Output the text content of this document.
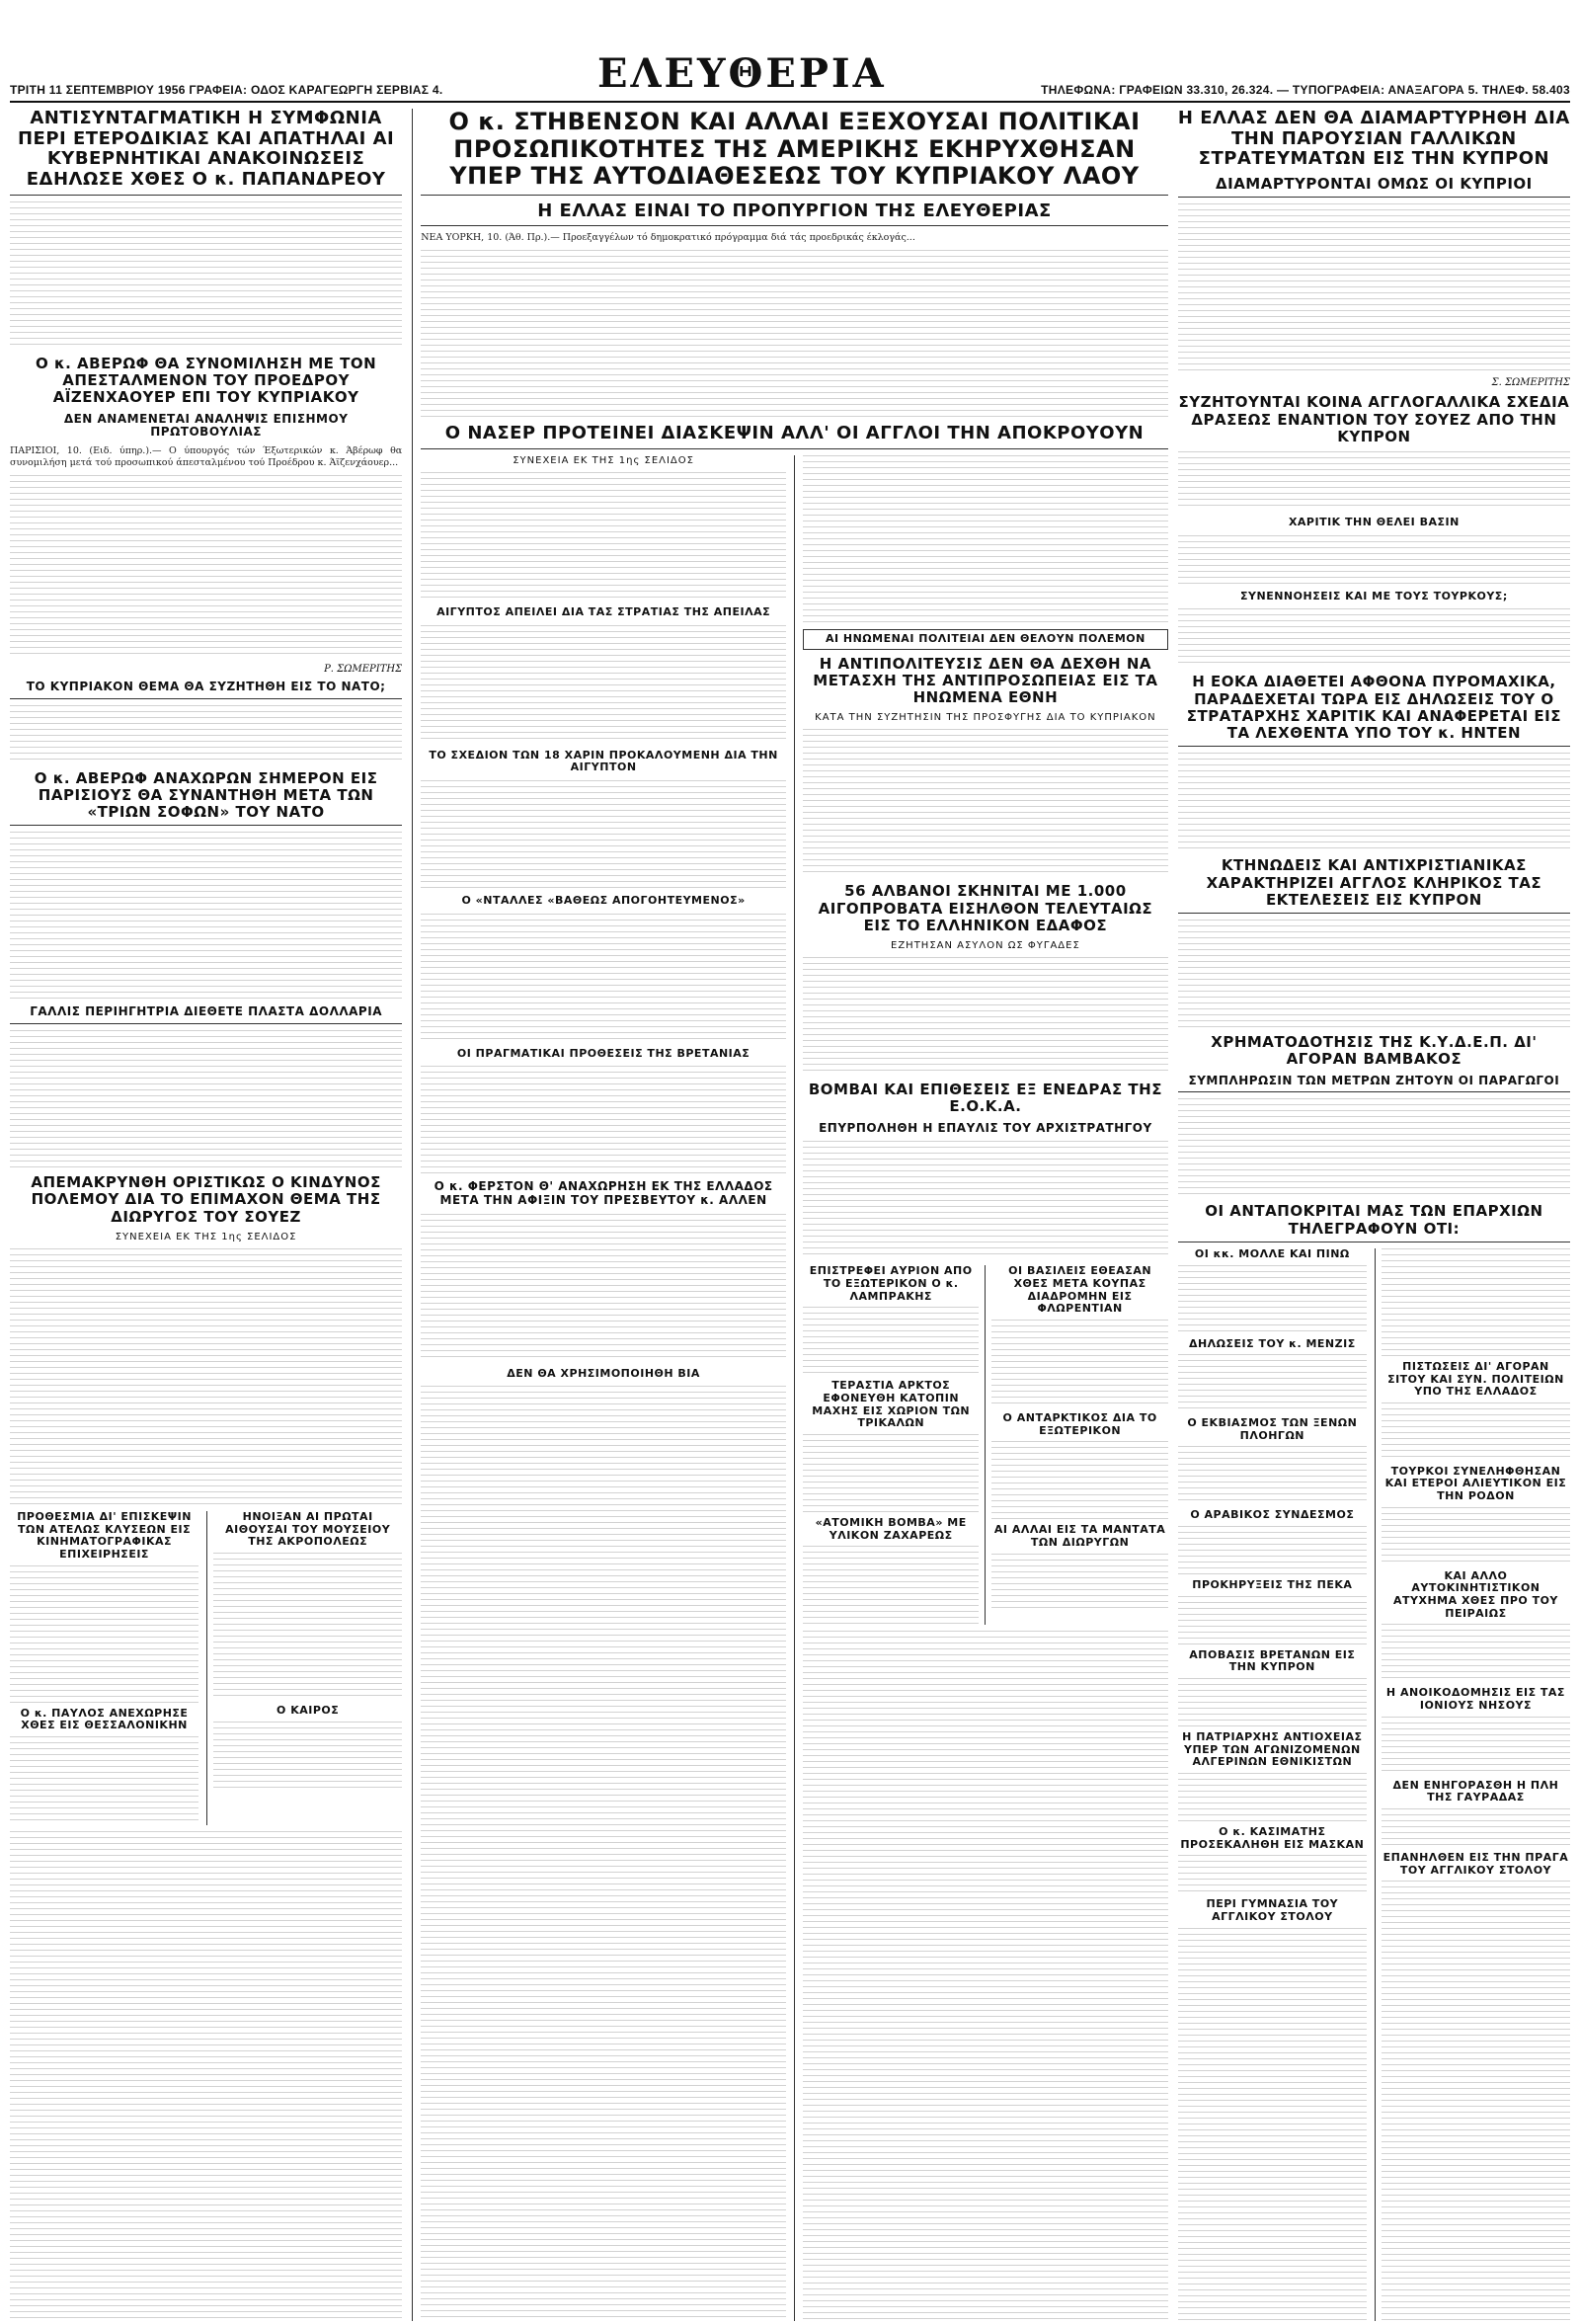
ΤΡΙΤΗ 11 ΣΕΠΤΕΜΒΡΙΟΥ 1956 ΓΡΑΦΕΙΑ: ΟΔΟΣ ΚΑΡΑΓΕΩΡΓΗ ΣΕΡΒΙΑΣ 4.	ΕΛΕΥΘΕΡΙΑ	ΤΗΛΕΦΩΝΑ: ΓΡΑΦΕΙΩΝ 33.310, 26.324. — ΤΥΠΟΓΡΑΦΕΙΑ: ΑΝΑΞΑΓΟΡΑ 5. ΤΗΛΕΦ. 58.403
ΑΝΤΙΣΥΝΤΑΓΜΑΤΙΚΗ Η ΣΥΜΦΩΝΙΑ ΠΕΡΙ ΕΤΕΡΟΔΙΚΙΑΣ ΚΑΙ ΑΠΑΤΗΛΑΙ ΑΙ ΚΥΒΕΡΝΗΤΙΚΑΙ ΑΝΑΚΟΙΝΩΣΕΙΣ ΕΔΗΛΩΣΕ ΧΘΕΣ Ο κ. ΠΑΠΑΝΔΡΕΟΥ
Ο κ. ΑΒΕΡΩΦ ΘΑ ΣΥΝΟΜΙΛΗΣΗ ΜΕ ΤΟΝ ΑΠΕΣΤΑΛΜΕΝΟΝ ΤΟΥ ΠΡΟΕΔΡΟΥ ΑΪΖΕΝΧΑΟΥΕΡ ΕΠΙ ΤΟΥ ΚΥΠΡΙΑΚΟΥ
ΔΕΝ ΑΝΑΜΕΝΕΤΑΙ ΑΝΑΛΗΨΙΣ ΕΠΙΣΗΜΟΥ ΠΡΩΤΟΒΟΥΛΙΑΣ
ΠΑΡΙΣΙΟΙ, 10. (Ειδ. ύπηρ.).— Ο ύπουργός τών Έξωτερικών κ. Άβέρωφ θα συνομιλήση μετά τού προσωπικού άπεσταλμένου τού Προέδρου κ. Άϊζενχάουερ...
Ρ. ΣΩΜΕΡΙΤΗΣ
ΤΟ ΚΥΠΡΙΑΚΟΝ ΘΕΜΑ ΘΑ ΣΥΖΗΤΗΘΗ ΕΙΣ ΤΟ ΝΑΤΟ;
Ο κ. ΑΒΕΡΩΦ ΑΝΑΧΩΡΩΝ ΣΗΜΕΡΟΝ ΕΙΣ ΠΑΡΙΣΙΟΥΣ ΘΑ ΣΥΝΑΝΤΗΘΗ ΜΕΤΑ ΤΩΝ «ΤΡΙΩΝ ΣΟΦΩΝ» ΤΟΥ ΝΑΤΟ
ΓΑΛΛΙΣ ΠΕΡΙΗΓΗΤΡΙΑ ΔΙΕΘΕΤΕ ΠΛΑΣΤΑ ΔΟΛΛΑΡΙΑ
ΑΠΕΜΑΚΡΥΝΘΗ ΟΡΙΣΤΙΚΩΣ Ο ΚΙΝΔΥΝΟΣ ΠΟΛΕΜΟΥ ΔΙΑ ΤΟ ΕΠΙΜΑΧΟΝ ΘΕΜΑ ΤΗΣ ΔΙΩΡΥΓΟΣ ΤΟΥ ΣΟΥΕΖ
ΣΥΝΕΧΕΙΑ ΕΚ ΤΗΣ 1ης ΣΕΛΙΔΟΣ
ΠΡΟΘΕΣΜΙΑ ΔΙ' ΕΠΙΣΚΕΨΙΝ ΤΩΝ ΑΤΕΛΩΣ ΚΛΥΣΕΩΝ ΕΙΣ ΚΙΝΗΜΑΤΟΓΡΑΦΙΚΑΣ ΕΠΙΧΕΙΡΗΣΕΙΣ
Ο κ. ΠΑΥΛΟΣ ΑΝΕΧΩΡΗΣΕ ΧΘΕΣ ΕΙΣ ΘΕΣΣΑΛΟΝΙΚΗΝ
ΗΝΟΙΞΑΝ ΑΙ ΠΡΩΤΑΙ ΑΙΘΟΥΣΑΙ ΤΟΥ ΜΟΥΣΕΙΟΥ ΤΗΣ ΑΚΡΟΠΟΛΕΩΣ
Ο ΚΑΙΡΟΣ
Ο κ. ΣΤΗΒΕΝΣΟΝ ΚΑΙ ΑΛΛΑΙ ΕΞΕΧΟΥΣΑΙ ΠΟΛΙΤΙΚΑΙ ΠΡΟΣΩΠΙΚΟΤΗΤΕΣ ΤΗΣ ΑΜΕΡΙΚΗΣ ΕΚΗΡΥΧΘΗΣΑΝ ΥΠΕΡ ΤΗΣ ΑΥΤΟΔΙΑΘΕΣΕΩΣ ΤΟΥ ΚΥΠΡΙΑΚΟΥ ΛΑΟΥ
Η ΕΛΛΑΣ ΕΙΝΑΙ ΤΟ ΠΡΟΠΥΡΓΙΟΝ ΤΗΣ ΕΛΕΥΘΕΡΙΑΣ
ΝΕΑ ΥΟΡΚΗ, 10. (Άθ. Πρ.).— Προεξαγγέλων τό δημοκρατικό πρόγραμμα διά τάς προεδρικάς έκλογάς...
Ο ΝΑΣΕΡ ΠΡΟΤΕΙΝΕΙ ΔΙΑΣΚΕΨΙΝ ΑΛΛ' ΟΙ ΑΓΓΛΟΙ ΤΗΝ ΑΠΟΚΡΟΥΟΥΝ
ΣΥΝΕΧΕΙΑ ΕΚ ΤΗΣ 1ης ΣΕΛΙΔΟΣ
ΑΙΓΥΠΤΟΣ ΑΠΕΙΛΕΙ ΔΙΑ ΤΑΣ ΣΤΡΑΤΙΑΣ ΤΗΣ ΑΠΕΙΛΑΣ
ΤΟ ΣΧΕΔΙΟΝ ΤΩΝ 18 ΧΑΡΙΝ ΠΡΟΚΑΛΟΥΜΕΝΗ ΔΙΑ ΤΗΝ ΑΙΓΥΠΤΟΝ
Ο «ΝΤΑΛΛΕΣ «ΒΑΘΕΩΣ ΑΠΟΓΟΗΤΕΥΜΕΝΟΣ»
ΟΙ ΠΡΑΓΜΑΤΙΚΑΙ ΠΡΟΘΕΣΕΙΣ ΤΗΣ ΒΡΕΤΑΝΙΑΣ
Ο κ. ΦΕΡΣΤΟΝ Θ' ΑΝΑΧΩΡΗΣΗ ΕΚ ΤΗΣ ΕΛΛΑΔΟΣ ΜΕΤΑ ΤΗΝ ΑΦΙΞΙΝ ΤΟΥ ΠΡΕΣΒΕΥΤΟΥ κ. ΑΛΛΕΝ
ΔΕΝ ΘΑ ΧΡΗΣΙΜΟΠΟΙΗΘΗ ΒΙΑ
ΑΙ ΗΝΩΜΕΝΑΙ ΠΟΛΙΤΕΙΑΙ ΔΕΝ ΘΕΛΟΥΝ ΠΟΛΕΜΟΝ
Η ΑΝΤΙΠΟΛΙΤΕΥΣΙΣ ΔΕΝ ΘΑ ΔΕΧΘΗ ΝΑ ΜΕΤΑΣΧΗ ΤΗΣ ΑΝΤΙΠΡΟΣΩΠΕΙΑΣ ΕΙΣ ΤΑ ΗΝΩΜΕΝΑ ΕΘΝΗ
ΚΑΤΑ ΤΗΝ ΣΥΖΗΤΗΣΙΝ ΤΗΣ ΠΡΟΣΦΥΓΗΣ ΔΙΑ ΤΟ ΚΥΠΡΙΑΚΟΝ
56 ΑΛΒΑΝΟΙ ΣΚΗΝΙΤΑΙ ΜΕ 1.000 ΑΙΓΟΠΡΟΒΑΤΑ ΕΙΣΗΛΘΟΝ ΤΕΛΕΥΤΑΙΩΣ ΕΙΣ ΤΟ ΕΛΛΗΝΙΚΟΝ ΕΔΑΦΟΣ
ΕΖΗΤΗΣΑΝ ΑΣΥΛΟΝ ΩΣ ΦΥΓΑΔΕΣ
ΒΟΜΒΑΙ ΚΑΙ ΕΠΙΘΕΣΕΙΣ ΕΞ ΕΝΕΔΡΑΣ ΤΗΣ Ε.Ο.Κ.Α.
ΕΠΥΡΠΟΛΗΘΗ Η ΕΠΑΥΛΙΣ ΤΟΥ ΑΡΧΙΣΤΡΑΤΗΓΟΥ
ΕΠΙΣΤΡΕΦΕΙ ΑΥΡΙΟΝ ΑΠΟ ΤΟ ΕΞΩΤΕΡΙΚΟΝ Ο κ. ΛΑΜΠΡΑΚΗΣ
ΤΕΡΑΣΤΙΑ ΑΡΚΤΟΣ ΕΦΟΝΕΥΘΗ ΚΑΤΟΠΙΝ ΜΑΧΗΣ ΕΙΣ ΧΩΡΙΟΝ ΤΩΝ ΤΡΙΚΑΛΩΝ
«ΑΤΟΜΙΚΗ ΒΟΜΒΑ» ΜΕ ΥΛΙΚΟΝ ΖΑΧΑΡΕΩΣ
ΟΙ ΒΑΣΙΛΕΙΣ ΕΘΕΑΣΑΝ ΧΘΕΣ ΜΕΤΑ ΚΟΥΠΑΣ ΔΙΑΔΡΟΜΗΝ ΕΙΣ ΦΛΩΡΕΝΤΙΑΝ
Ο ΑΝΤΑΡΚΤΙΚΟΣ ΔΙΑ ΤΟ ΕΞΩΤΕΡΙΚΟΝ
ΑΙ ΑΛΛΑΙ ΕΙΣ ΤΑ ΜΑΝΤΑΤΑ ΤΩΝ ΔΙΩΡΥΓΩΝ
Η ΕΛΛΑΣ ΔΕΝ ΘΑ ΔΙΑΜΑΡΤΥΡΗΘΗ ΔΙΑ ΤΗΝ ΠΑΡΟΥΣΙΑΝ ΓΑΛΛΙΚΩΝ ΣΤΡΑΤΕΥΜΑΤΩΝ ΕΙΣ ΤΗΝ ΚΥΠΡΟΝ
ΔΙΑΜΑΡΤΥΡΟΝΤΑΙ ΟΜΩΣ ΟΙ ΚΥΠΡΙΟΙ
Σ. ΣΩΜΕΡΙΤΗΣ
ΣΥΖΗΤΟΥΝΤΑΙ ΚΟΙΝΑ ΑΓΓΛΟΓΑΛΛΙΚΑ ΣΧΕΔΙΑ ΔΡΑΣΕΩΣ ΕΝΑΝΤΙΟΝ ΤΟΥ ΣΟΥΕΖ ΑΠΟ ΤΗΝ ΚΥΠΡΟΝ
ΧΑΡΙΤΙΚ ΤΗΝ ΘΕΛΕΙ ΒΑΣΙΝ
ΣΥΝΕΝΝΟΗΣΕΙΣ ΚΑΙ ΜΕ ΤΟΥΣ ΤΟΥΡΚΟΥΣ;
Η ΕΟΚΑ ΔΙΑΘΕΤΕΙ ΑΦΘΟΝΑ ΠΥΡΟΜΑΧΙΚΑ, ΠΑΡΑΔΕΧΕΤΑΙ ΤΩΡΑ ΕΙΣ ΔΗΛΩΣΕΙΣ ΤΟΥ Ο ΣΤΡΑΤΑΡΧΗΣ ΧΑΡΙΤΙΚ ΚΑΙ ΑΝΑΦΕΡΕΤΑΙ ΕΙΣ ΤΑ ΛΕΧΘΕΝΤΑ ΥΠΟ ΤΟΥ κ. ΗΝΤΕΝ
ΚΤΗΝΩΔΕΙΣ ΚΑΙ ΑΝΤΙΧΡΙΣΤΙΑΝΙΚΑΣ ΧΑΡΑΚΤΗΡΙΖΕΙ ΑΓΓΛΟΣ ΚΛΗΡΙΚΟΣ ΤΑΣ ΕΚΤΕΛΕΣΕΙΣ ΕΙΣ ΚΥΠΡΟΝ
ΧΡΗΜΑΤΟΔΟΤΗΣΙΣ ΤΗΣ Κ.Υ.Δ.Ε.Π. ΔΙ' ΑΓΟΡΑΝ ΒΑΜΒΑΚΟΣ
ΣΥΜΠΛΗΡΩΣΙΝ ΤΩΝ ΜΕΤΡΩΝ ΖΗΤΟΥΝ ΟΙ ΠΑΡΑΓΩΓΟΙ
ΟΙ ΑΝΤΑΠΟΚΡΙΤΑΙ ΜΑΣ ΤΩΝ ΕΠΑΡΧΙΩΝ ΤΗΛΕΓΡΑΦΟΥΝ ΟΤΙ:
ΟΙ κκ. ΜΟΛΛΕ ΚΑΙ ΠΙΝΩ
ΔΗΛΩΣΕΙΣ ΤΟΥ κ. ΜΕΝΖΙΣ
Ο ΕΚΒΙΑΣΜΟΣ ΤΩΝ ΞΕΝΩΝ ΠΛΟΗΓΩΝ
Ο ΑΡΑΒΙΚΟΣ ΣΥΝΔΕΣΜΟΣ
ΠΡΟΚΗΡΥΞΕΙΣ ΤΗΣ ΠΕΚΑ
ΑΠΟΒΑΣΙΣ ΒΡΕΤΑΝΩΝ ΕΙΣ ΤΗΝ ΚΥΠΡΟΝ
Η ΠΑΤΡΙΑΡΧΗΣ ΑΝΤΙΟΧΕΙΑΣ ΥΠΕΡ ΤΩΝ ΑΓΩΝΙΖΟΜΕΝΩΝ ΑΛΓΕΡΙΝΩΝ ΕΘΝΙΚΙΣΤΩΝ
Ο κ. ΚΑΣΙΜΑΤΗΣ ΠΡΟΣΕΚΑΛΗΘΗ ΕΙΣ ΜΑΣΚΑΝ
ΠΕΡΙ ΓΥΜΝΑΣΙΑ ΤΟΥ ΑΓΓΛΙΚΟΥ ΣΤΟΛΟΥ
ΠΙΣΤΩΣΕΙΣ ΔΙ' ΑΓΟΡΑΝ ΣΙΤΟΥ ΚΑΙ ΣΥΝ. ΠΟΛΙΤΕΙΩΝ ΥΠΟ ΤΗΣ ΕΛΛΑΔΟΣ
ΤΟΥΡΚΟΙ ΣΥΝΕΛΗΦΘΗΣΑΝ ΚΑΙ ΕΤΕΡΟΙ ΑΛΙΕΥΤΙΚΟΝ ΕΙΣ ΤΗΝ ΡΟΔΟΝ
ΚΑΙ ΑΛΛΟ ΑΥΤΟΚΙΝΗΤΙΣΤΙΚΟΝ ΑΤΥΧΗΜΑ ΧΘΕΣ ΠΡΟ ΤΟΥ ΠΕΙΡΑΙΩΣ
Η ΑΝΟΙΚΟΔΟΜΗΣΙΣ ΕΙΣ ΤΑΣ ΙΟΝΙΟΥΣ ΝΗΣΟΥΣ
ΔΕΝ ΕΝΗΓΟΡΑΣΘΗ Η ΠΛΗ ΤΗΣ ΓΑΥΡΑΔΑΣ
ΕΠΑΝΗΛΘΕΝ ΕΙΣ ΤΗΝ ΠΡΑΓΑ ΤΟΥ ΑΓΓΛΙΚΟΥ ΣΤΟΛΟΥ
